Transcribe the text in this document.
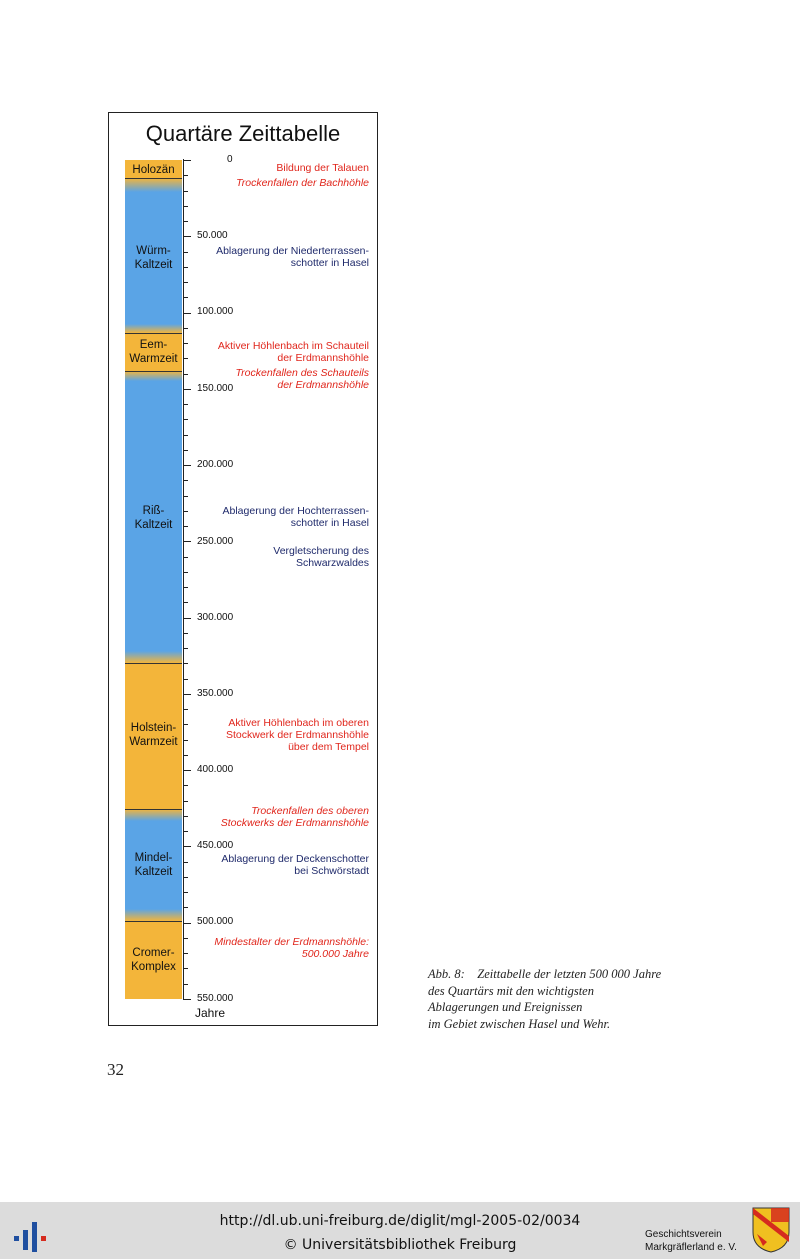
Quartäre Zeittabelle
Holozän
Würm-
Kaltzeit
Eem-
Warmzeit
Riß-
Kaltzeit
Holstein-
Warmzeit
Mindel-
Kaltzeit
Cromer-
Komplex
0
50.000
100.000
150.000
200.000
250.000
300.000
350.000
400.000
450.000
500.000
550.000
Jahre
Bildung der Talauen
Trockenfallen der Bachhöhle
Ablagerung der Niederterrassen-
schotter in Hasel
Aktiver Höhlenbach im Schauteil
der Erdmannshöhle
Trockenfallen des Schauteils
der Erdmannshöhle
Ablagerung der Hochterrassen-
schotter in Hasel
Vergletscherung des
Schwarzwaldes
Aktiver Höhlenbach im oberen
Stockwerk der Erdmannshöhle
über dem Tempel
Trockenfallen des oberen
Stockwerks der Erdmannshöhle
Ablagerung der Deckenschotter
bei Schwörstadt
Mindestalter der Erdmannshöhle:
500.000 Jahre
Abb. 8:    Zeittabelle der letzten 500 000 Jahre
des Quartärs mit den wichtigsten
Ablagerungen und Ereignissen
im Gebiet zwischen Hasel und Wehr.
32
http://dl.ub.uni-freiburg.de/diglit/mgl-2005-02/0034
© Universitätsbibliothek Freiburg
Geschichtsverein
Markgräflerland e. V.
